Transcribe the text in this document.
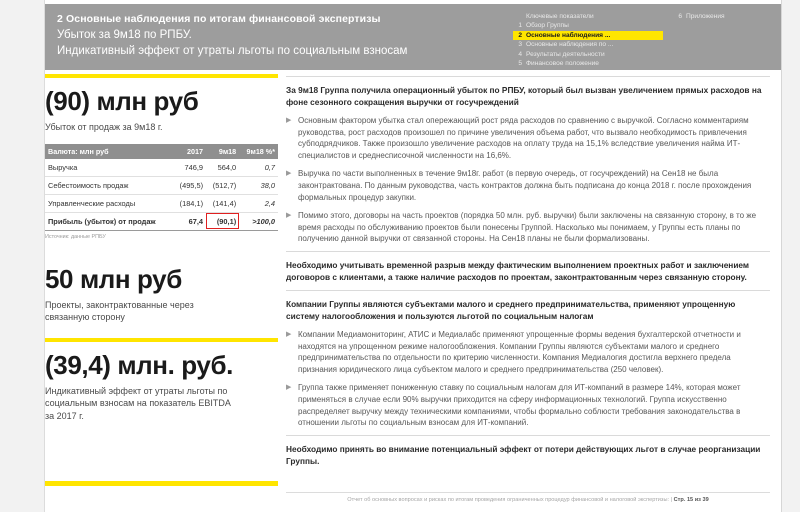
2 Основные наблюдения по итогам финансовой экспертизы
Убыток за 9м18 по РПБУ.
Индикативный эффект от утраты льготы по социальным взносам
Ключевые показатели
1 Обзор Группы
2 Основные наблюдения ...
3 Основные наблюдения по ...
4 Результаты деятельности
5 Финансовое положение
6 Приложения
(90) млн руб
Убыток от продаж за 9м18 г.
Валюта: млн руб	2017	9м18	9м18 %*
Выручка	746,9	564,0	0,7
Себестоимость продаж	(495,5)	(512,7)	38,0
Управленческие расходы	(184,1)	(141,4)	2,4
Прибыль (убыток) от продаж	67,4	(90,1)	>100,0
Источник: данные РПБУ
50 млн руб
Проекты, законтрактованные через
связанную сторону
(39,4) млн. руб.
Индикативный эффект от утраты льготы по
социальным взносам на показатель EBITDA
за 2017 г.
За 9м18 Группа получила операционный убыток по РПБУ, который был вызван увеличением прямых расходов на фоне сезонного сокращения выручки от госучреждений
▶ Основным фактором убытка стал опережающий рост ряда расходов по сравнению с выручкой. Согласно комментариям руководства, рост расходов произошел по причине увеличения объема работ, что вызвало необходимость привлечения субподрядчиков. Также произошло увеличение расходов на оплату труда на 15,1% вследствие увеличения найма ИТ-специалистов и среднесписочной численности на 16,6%.
▶ Выручка по части выполненных в течение 9м18г. работ (в первую очередь, от госучреждений) на Сен18 не была законтрактована. По данным руководства, часть контрактов должна быть подписана до конца 2018 г. после прохождения формальных процедур закупки.
▶ Помимо этого, договоры на часть проектов (порядка 50 млн. руб. выручки) были заключены на связанную сторону, в то же время расходы по обслуживанию проектов были понесены Группой. Насколько мы понимаем, у Группы есть планы по получению данной выручки от связанной стороны. На Сен18 планы не были формализованы.
Необходимо учитывать временной разрыв между фактическим выполнением проектных работ и заключением договоров с клиентами, а также наличие расходов по проектам, законтрактованным через связанную сторону.
Компании Группы являются субъектами малого и среднего предпринимательства, применяют упрощенную систему налогообложения и пользуются льготой по социальным налогам
▶ Компании Медиамониторинг, АТИС и Медиалабс применяют упрощенные формы ведения бухгалтерской отчетности и находятся на упрощенном режиме налогообложения. Компании Группы являются субъектами малого и среднего предпринимательства по отдельности по критерию численности. Компания Медиалогия достигла верхнего предела признания юридического лица субъектом малого и среднего предпринимательства (250 человек).
▶ Группа также применяет пониженную ставку по социальным налогам для ИТ-компаний в размере 14%, которая может применяться в случае если 90% выручки приходится на сферу информационных технологий. Группа искусственно распределяет выручку между техническими компаниями, чтобы формально соблюсти требования законодательства в отношении льготы по социальным взносам для ИТ-компаний.
Необходимо принять во внимание потенциальный эффект от потери действующих льгот в случае реорганизации Группы.
Отчет об основных вопросах и рисках по итогам проведения ограниченных процедур финансовой и налоговой экспертизы: | Стр. 15 из 39
